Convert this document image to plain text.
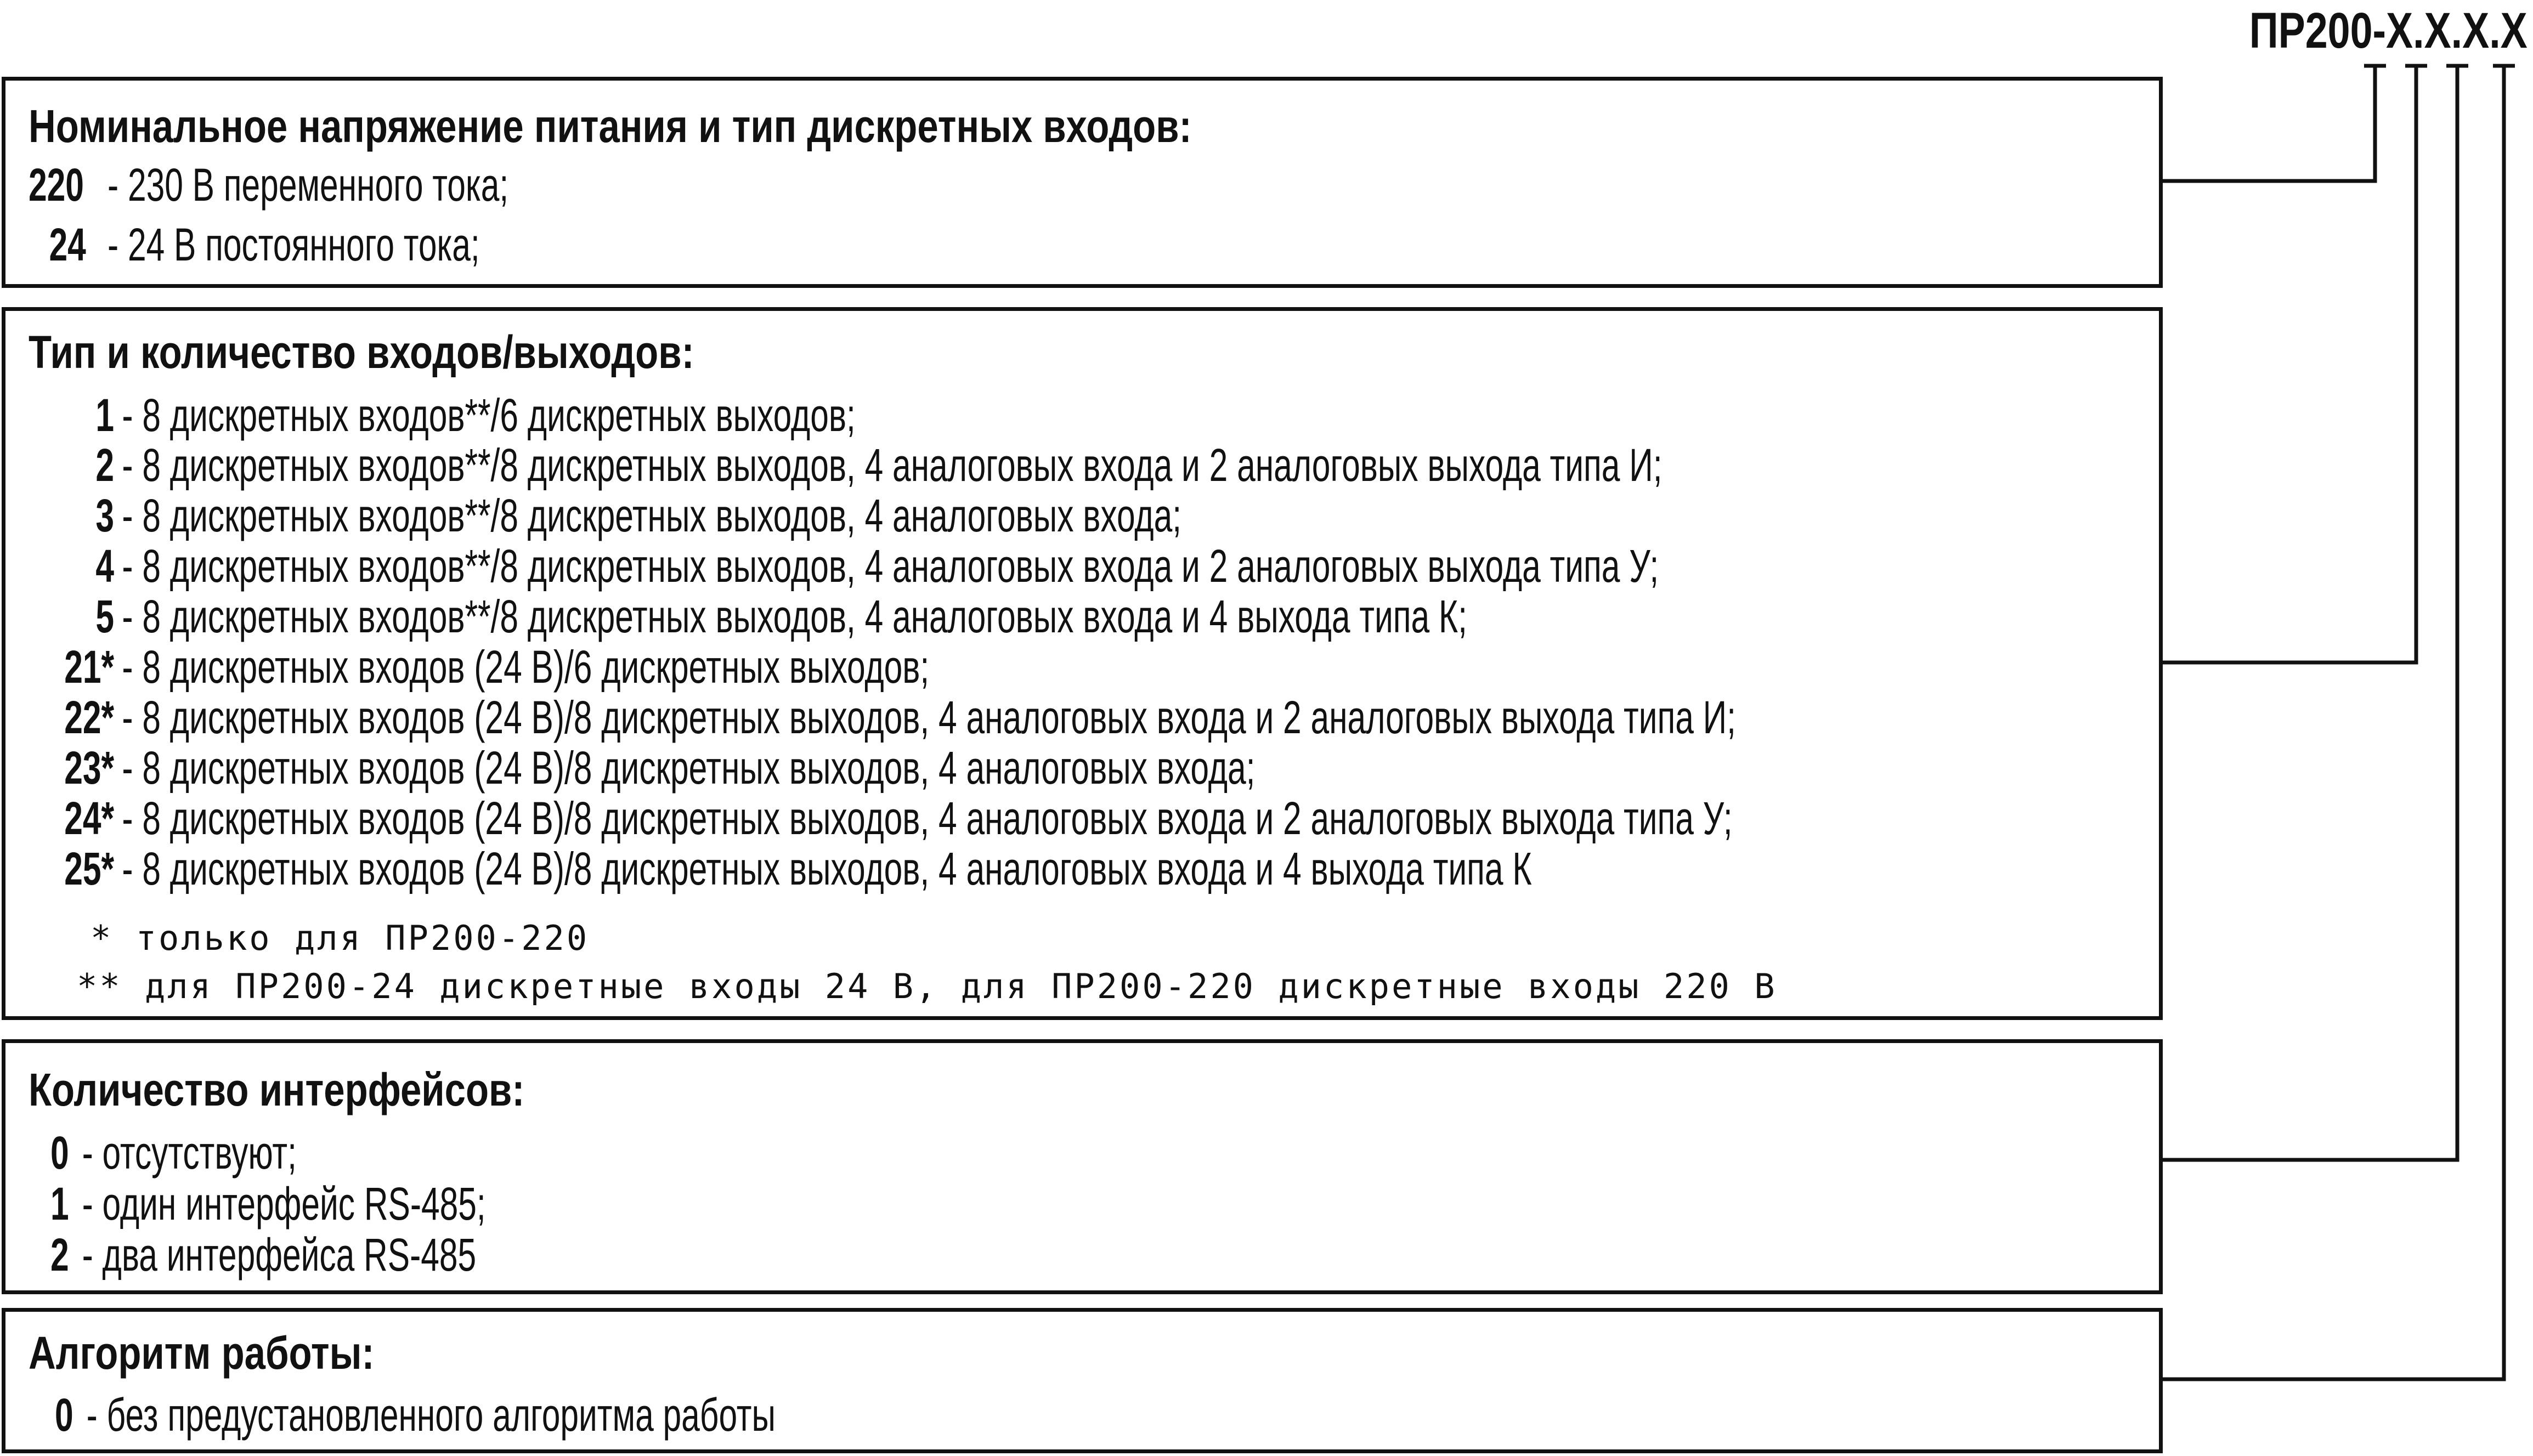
ПР200-X.X.X.X
Номинальное напряжение питания и тип дискретных входов:
220 - 230 В переменного тока;
24 - 24 В постоянного тока;
Тип и количество входов/выходов:
1 - 8 дискретных входов**/6 дискретных выходов;
2 - 8 дискретных входов**/8 дискретных выходов, 4 аналоговых входа и 2 аналоговых выхода типа И;
3 - 8 дискретных входов**/8 дискретных выходов, 4 аналоговых входа;
4 - 8 дискретных входов**/8 дискретных выходов, 4 аналоговых входа и 2 аналоговых выхода типа У;
5 - 8 дискретных входов**/8 дискретных выходов, 4 аналоговых входа и 4 выхода типа К;
21* - 8 дискретных входов (24 В)/6 дискретных выходов;
22* - 8 дискретных входов (24 В)/8 дискретных выходов, 4 аналоговых входа и 2 аналоговых выхода типа И;
23* - 8 дискретных входов (24 В)/8 дискретных выходов, 4 аналоговых входа;
24* - 8 дискретных входов (24 В)/8 дискретных выходов, 4 аналоговых входа и 2 аналоговых выхода типа У;
25* - 8 дискретных входов (24 В)/8 дискретных выходов, 4 аналоговых входа и 4 выхода типа К
* только для ПР200-220
** для ПР200-24 дискретные входы 24 В, для ПР200-220 дискретные входы 220 В
Количество интерфейсов:
0 - отсутствуют;
1 - один интерфейс RS-485;
2 - два интерфейса RS-485
Алгоритм работы:
0 - без предустановленного алгоритма работы
